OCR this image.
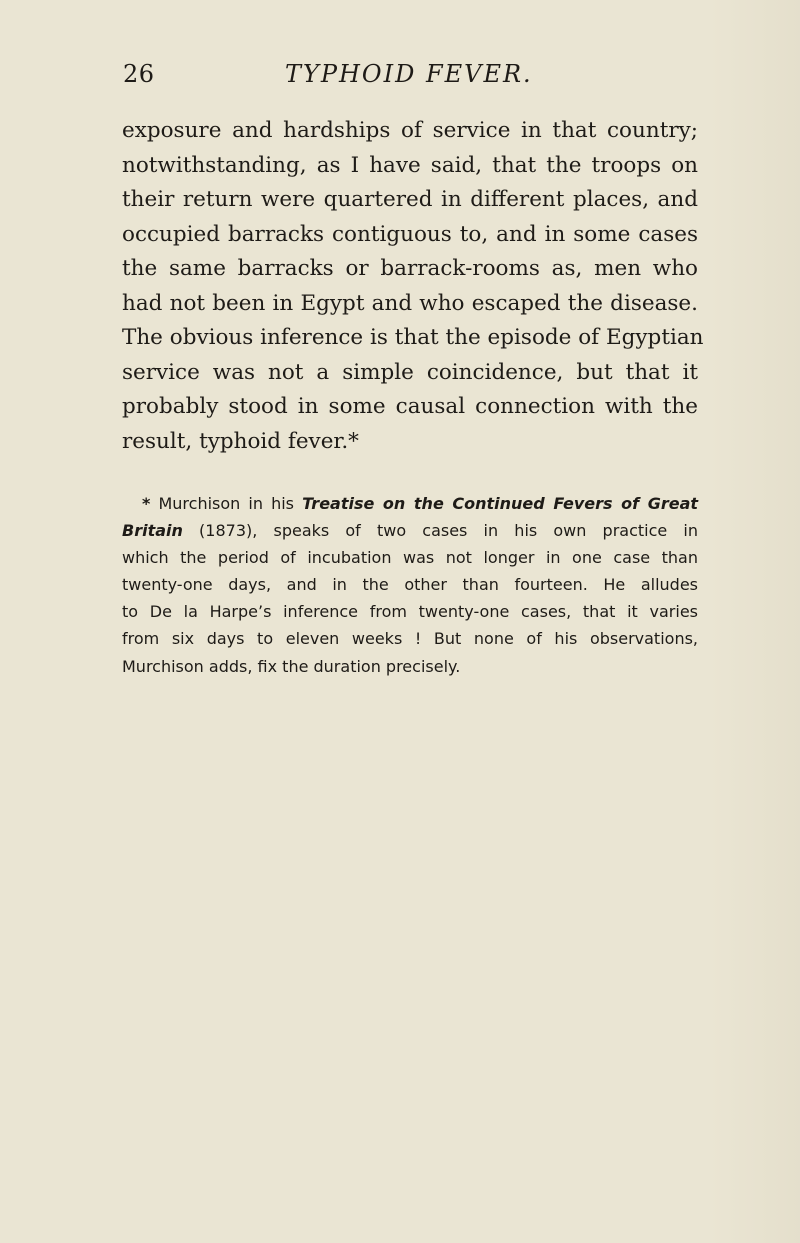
26	TYPHOID FEVER.
exposure and hardships of service in that country;
notwithstanding, as I have said, that the troops on
their return were quartered in different places, and
occupied barracks contiguous to, and in some cases
the same barracks or barrack-rooms as, men who
had not been in Egypt and who escaped the disease.
The obvious inference is that the episode of Egyptian
service was not a simple coincidence, but that it
probably stood in some causal connection with the
result, typhoid fever.*
* Murchison in his Treatise on the Continued Fevers of Great
Britain (1873), speaks of two cases in his own practice in
which the period of incubation was not longer in one case than
twenty-one days, and in the other than fourteen. He alludes
to De la Harpe’s inference from twenty-one cases, that it varies
from six days to eleven weeks ! But none of his observations,
Murchison adds, fix the duration precisely.
